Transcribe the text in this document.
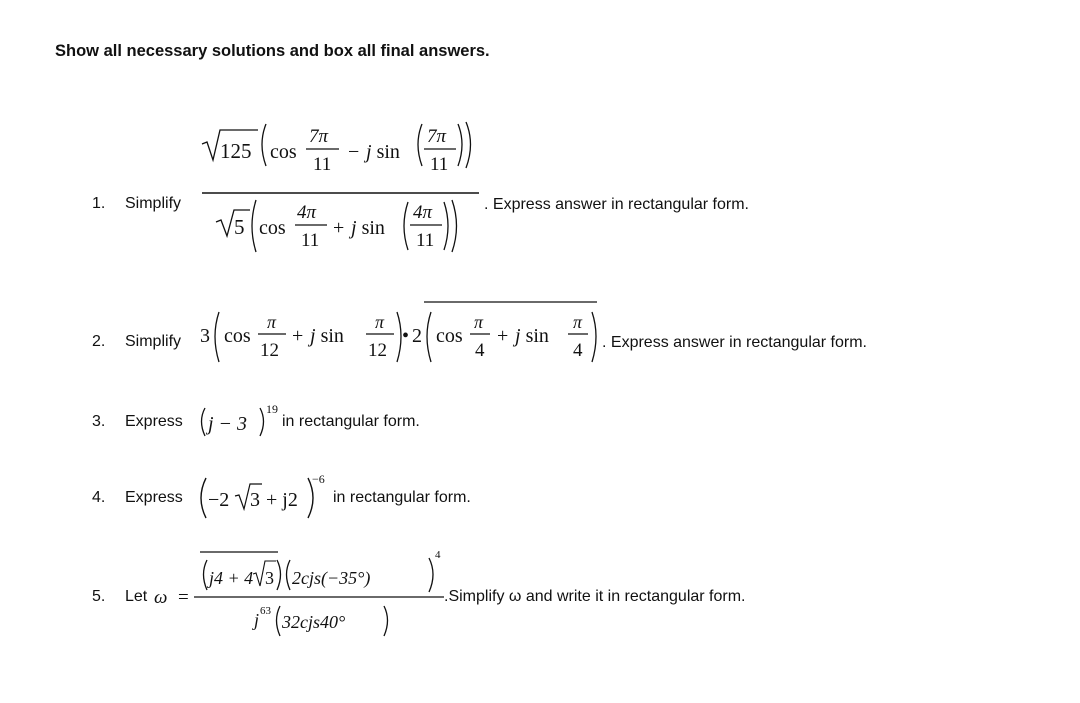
Show all necessary solutions and box all final answers.
1. Simplify
125 cos
7π
11
− j sin
7π
11
5 cos
4π
11
+ j sin
4π
11
. Express answer in rectangular form.
2. Simplify 3 cos
π
12
+ j sin
π
12
• 2 cos
π
4
+ j sin
π
4 . Express answer in rectangular form.
3. Express j − 3
19
in rectangular form.
4. Express −2 3 + j2
−6
in rectangular form.
5. Let ω =
j4 + 4 3 2cjs(−35°)
4
j 63
32cjs40°
.Simplify ω and write it in rectangular form.
